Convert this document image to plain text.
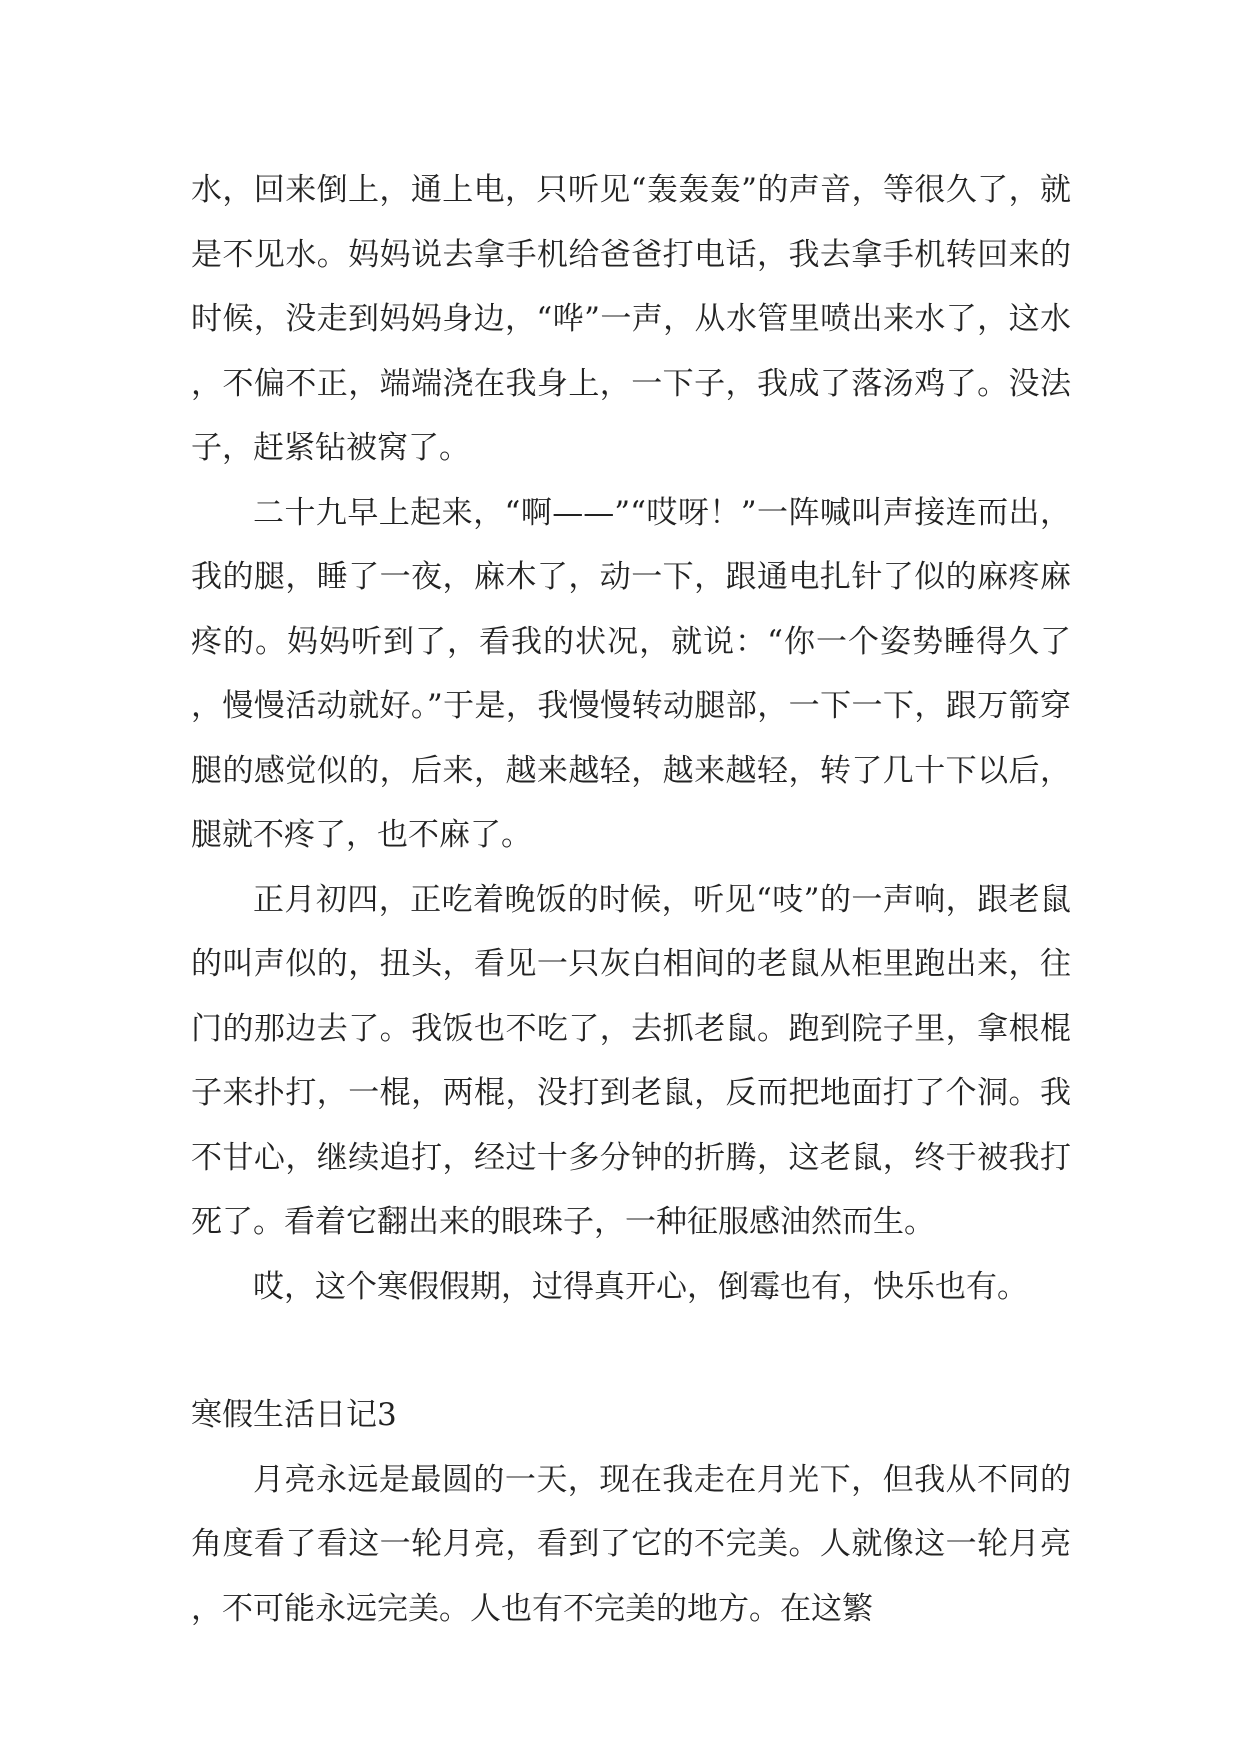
水，回来倒上，通上电，只听见“轰轰轰”的声音，等很久了，就是不见水。妈妈说去拿手机给爸爸打电话，我去拿手机转回来的时候，没走到妈妈身边，“哗”一声，从水管里喷出来水了，这水，不偏不正，端端浇在我身上，一下子，我成了落汤鸡了。没法子，赶紧钻被窝了。

二十九早上起来，“啊——”“哎呀！”一阵喊叫声接连而出，我的腿，睡了一夜，麻木了，动一下，跟通电扎针了似的麻疼麻疼的。妈妈听到了，看我的状况，就说：“你一个姿势睡得久了，慢慢活动就好。”于是，我慢慢转动腿部，一下一下，跟万箭穿腿的感觉似的，后来，越来越轻，越来越轻，转了几十下以后，腿就不疼了，也不麻了。

正月初四，正吃着晚饭的时候，听见“吱”的一声响，跟老鼠的叫声似的，扭头，看见一只灰白相间的老鼠从柜里跑出来，往门的那边去了。我饭也不吃了，去抓老鼠。跑到院子里，拿根棍子来扑打，一棍，两棍，没打到老鼠，反而把地面打了个洞。我不甘心，继续追打，经过十多分钟的折腾，这老鼠，终于被我打死了。看着它翻出来的眼珠子，一种征服感油然而生。

哎，这个寒假假期，过得真开心，倒霉也有，快乐也有。

寒假生活日记3

月亮永远是最圆的一天，现在我走在月光下，但我从不同的角度看了看这一轮月亮，看到了它的不完美。人就像这一轮月亮，不可能永远完美。人也有不完美的地方。在这繁
